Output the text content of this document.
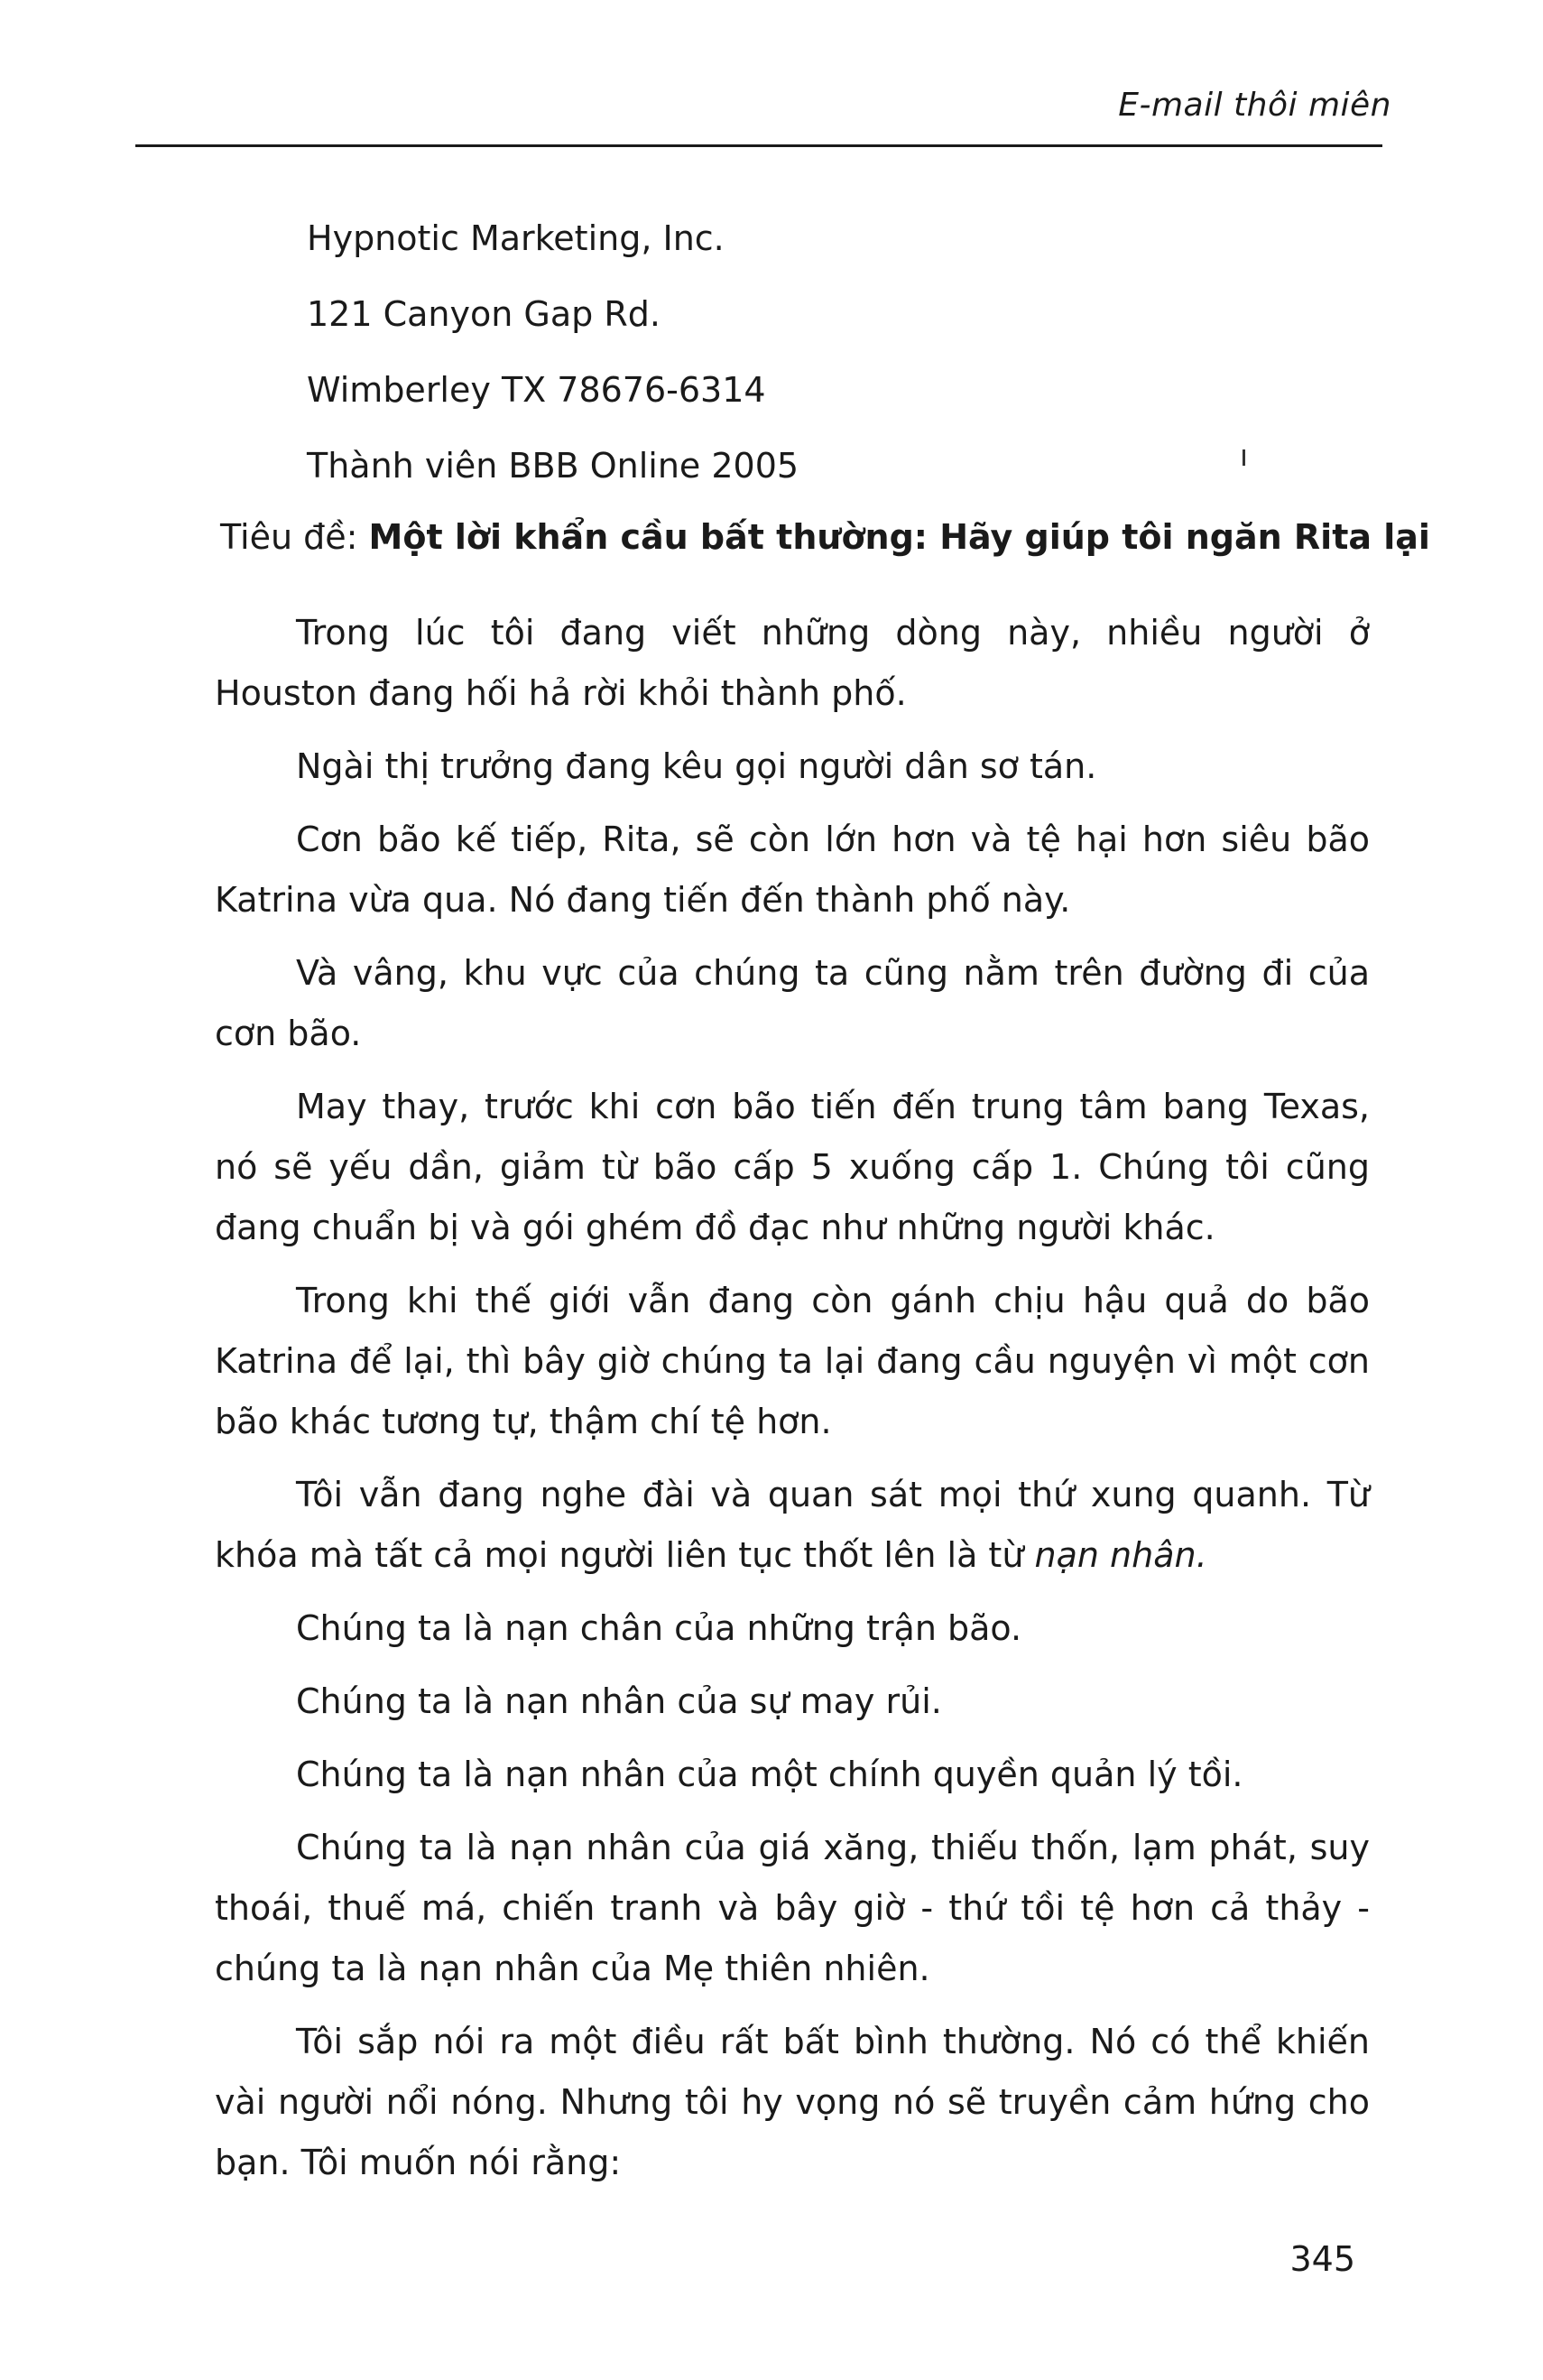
E-mail thôi miên
Hypnotic Marketing, Inc.
121 Canyon Gap Rd.
Wimberley TX 78676-6314
Thành viên BBB Online 2005
Tiêu đề: Một lời khẩn cầu bất thường: Hãy giúp tôi ngăn Rita lại

Trong lúc tôi đang viết những dòng này, nhiều người ở Houston đang hối hả rời khỏi thành phố.

Ngài thị trưởng đang kêu gọi người dân sơ tán.

Cơn bão kế tiếp, Rita, sẽ còn lớn hơn và tệ hại hơn siêu bão Katrina vừa qua. Nó đang tiến đến thành phố này.

Và vâng, khu vực của chúng ta cũng nằm trên đường đi của cơn bão.

May thay, trước khi cơn bão tiến đến trung tâm bang Texas, nó sẽ yếu dần, giảm từ bão cấp 5 xuống cấp 1. Chúng tôi cũng đang chuẩn bị và gói ghém đồ đạc như những người khác.

Trong khi thế giới vẫn đang còn gánh chịu hậu quả do bão Katrina để lại, thì bây giờ chúng ta lại đang cầu nguyện vì một cơn bão khác tương tự, thậm chí tệ hơn.

Tôi vẫn đang nghe đài và quan sát mọi thứ xung quanh. Từ khóa mà tất cả mọi người liên tục thốt lên là từ nạn nhân.

Chúng ta là nạn chân của những trận bão.

Chúng ta là nạn nhân của sự may rủi.

Chúng ta là nạn nhân của một chính quyền quản lý tồi.

Chúng ta là nạn nhân của giá xăng, thiếu thốn, lạm phát, suy thoái, thuế má, chiến tranh và bây giờ - thứ tồi tệ hơn cả thảy - chúng ta là nạn nhân của Mẹ thiên nhiên.

Tôi sắp nói ra một điều rất bất bình thường. Nó có thể khiến vài người nổi nóng. Nhưng tôi hy vọng nó sẽ truyền cảm hứng cho bạn. Tôi muốn nói rằng:

345
